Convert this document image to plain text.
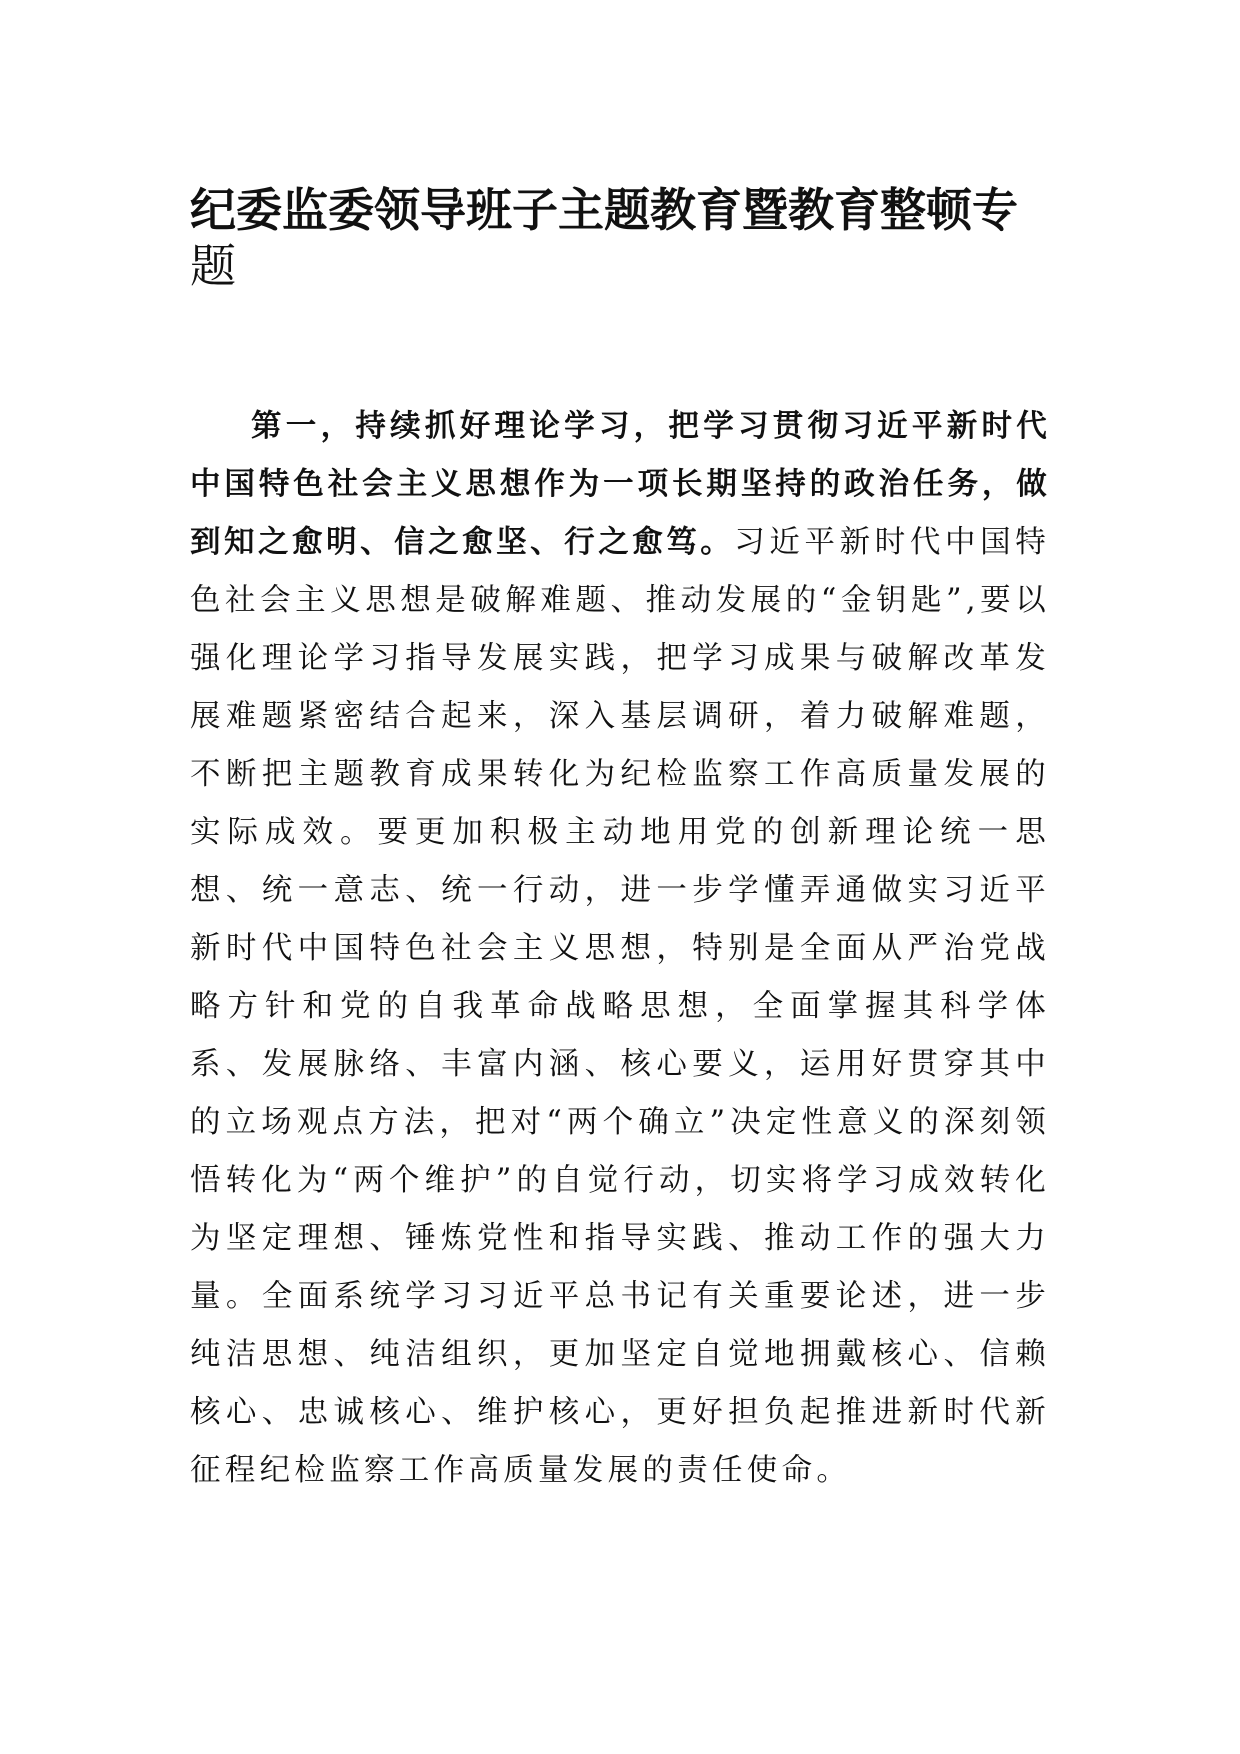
纪委监委领导班子主题教育暨教育整顿专
题

第一，持续抓好理论学习，把学习贯彻习近平新时代中国特色社会主义思想作为一项长期坚持的政治任务，做到知之愈明、信之愈坚、行之愈笃。习近平新时代中国特色社会主义思想是破解难题、推动发展的“金钥匙”,要以强化理论学习指导发展实践，把学习成果与破解改革发展难题紧密结合起来，深入基层调研，着力破解难题，不断把主题教育成果转化为纪检监察工作高质量发展的实际成效。要更加积极主动地用党的创新理论统一思想、统一意志、统一行动，进一步学懂弄通做实习近平新时代中国特色社会主义思想，特别是全面从严治党战略方针和党的自我革命战略思想，全面掌握其科学体系、发展脉络、丰富内涵、核心要义，运用好贯穿其中的立场观点方法，把对“两个确立”决定性意义的深刻领悟转化为“两个维护”的自觉行动，切实将学习成效转化为坚定理想、锤炼党性和指导实践、推动工作的强大力量。全面系统学习习近平总书记有关重要论述，进一步纯洁思想、纯洁组织，更加坚定自觉地拥戴核心、信赖核心、忠诚核心、维护核心，更好担负起推进新时代新征程纪检监察工作高质量发展的责任使命。
